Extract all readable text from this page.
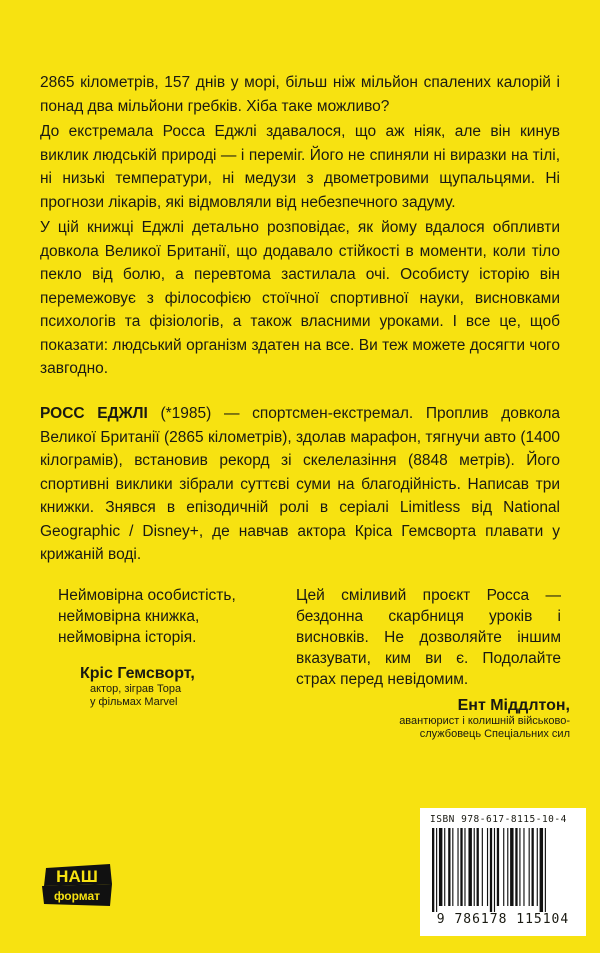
2865 кілометрів, 157 днів у морі, більш ніж мільйон спалених калорій і понад два мільйони гребків. Хіба таке можливо?

До екстремала Росса Еджлі здавалося, що аж ніяк, але він кинув виклик людській природі — і переміг. Його не спиняли ні виразки на тілі, ні низькі температури, ні медузи з двометровими щупальцями. Ні прогнози лікарів, які відмовляли від небезпечного задуму.

У цій книжці Еджлі детально розповідає, як йому вдалося обпливти довкола Великої Британії, що додавало стійкості в моменти, коли тіло пекло від болю, а перевтома застилала очі. Особисту історію він перемежовує з філософією стоїчної спортивної науки, висновками психологів та фізіологів, а також власними уроками. І все це, щоб показати: людський організм здатен на все. Ви теж можете досягти чого завгодно.

РОСС ЕДЖЛІ (*1985) — спортсмен-екстремал. Проплив довкола Великої Британії (2865 кілометрів), здолав марафон, тягнучи авто (1400 кілограмів), встановив рекорд зі скелелазіння (8848 метрів). Його спортивні виклики зібрали суттєві суми на благодійність. Написав три книжки. Знявся в епізодичній ролі в серіалі Limitless від National Geographic / Disney+, де навчав актора Кріса Гемсворта плавати у крижаній воді.

Неймовірна особистість, неймовірна книжка, неймовірна історія.

Кріс Гемсворт,
актор, зіграв Тора
у фільмах Marvel

Цей сміливий проєкт Росса — бездонна скарбниця уроків і висновків. Не дозволяйте іншим вказувати, ким ви є. Подолайте страх перед невідомим.

Ент Міддлтон,
авантюрист і колишній військово-
службовець Спеціальних сил
НАШ
формат
ISBN 978-617-8115-10-4
9 786178 115104
